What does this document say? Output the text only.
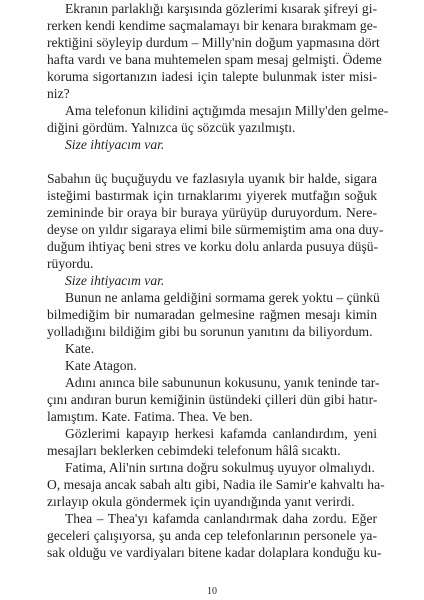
Ekranın parlaklığı karşısında gözlerimi kısarak şifreyi gi-
rerken kendi kendime saçmalamayı bir kenara bırakmam ge-
rektiğini söyleyip durdum – Milly'nin doğum yapmasına dört
hafta vardı ve bana muhtemelen spam mesaj gelmişti. Ödeme
koruma sigortanızın iadesi için talepte bulunmak ister misi-
niz?
Ama telefonun kilidini açtığımda mesajın Milly'den gelme-
diğini gördüm. Yalnızca üç sözcük yazılmıştı.
Size ihtiyacım var.
Sabahın üç buçuğuydu ve fazlasıyla uyanık bir halde, sigara
isteğimi bastırmak için tırnaklarımı yiyerek mutfağın soğuk
zemininde bir oraya bir buraya yürüyüp duruyordum. Nere-
deyse on yıldır sigaraya elimi bile sürmemiştim ama ona duy-
duğum ihtiyaç beni stres ve korku dolu anlarda pusuya düşü-
rüyordu.
Size ihtiyacım var.
Bunun ne anlama geldiğini sormama gerek yoktu – çünkü
bilmediğim bir numaradan gelmesine rağmen mesajı kimin
yolladığını bildiğim gibi bu sorunun yanıtını da biliyordum.
Kate.
Kate Atagon.
Adını anınca bile sabununun kokusunu, yanık teninde tar-
çını andıran burun kemiğinin üstündeki çilleri dün gibi hatır-
lamıştım. Kate. Fatima. Thea. Ve ben.
Gözlerimi kapayıp herkesi kafamda canlandırdım, yeni
mesajları beklerken cebimdeki telefonum hâlâ sıcaktı.
Fatima, Ali'nin sırtına doğru sokulmuş uyuyor olmalıydı.
O, mesaja ancak sabah altı gibi, Nadia ile Samir'e kahvaltı ha-
zırlayıp okula göndermek için uyandığında yanıt verirdi.
Thea – Thea'yı kafamda canlandırmak daha zordu. Eğer
geceleri çalışıyorsa, şu anda cep telefonlarının personele ya-
sak olduğu ve vardiyaları bitene kadar dolaplara konduğu ku-
10
